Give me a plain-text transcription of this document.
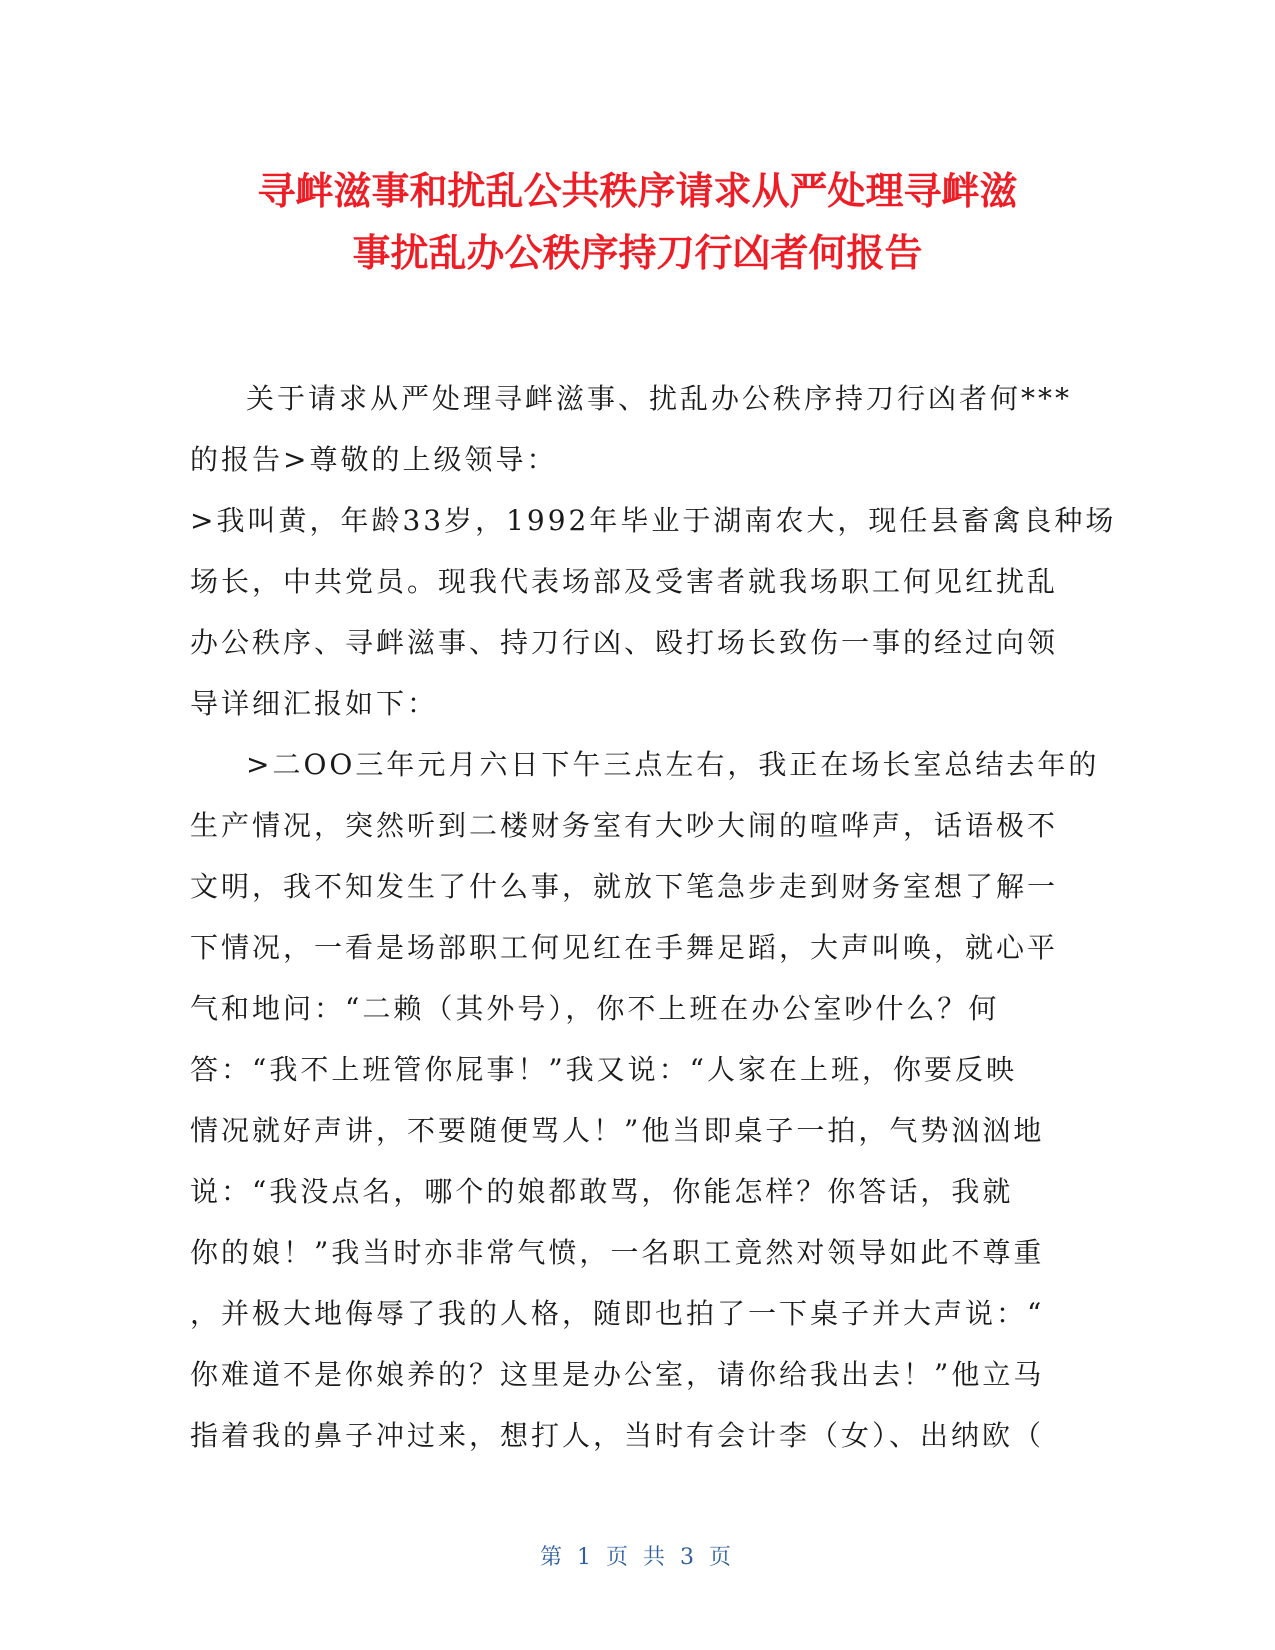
寻衅滋事和扰乱公共秩序请求从严处理寻衅滋
事扰乱办公秩序持刀行凶者何报告
关于请求从严处理寻衅滋事、扰乱办公秩序持刀行凶者何***
的报告>尊敬的上级领导：
>我叫黄，年龄33岁，1992年毕业于湖南农大，现任县畜禽良种场
场长，中共党员。现我代表场部及受害者就我场职工何见红扰乱
办公秩序、寻衅滋事、持刀行凶、殴打场长致伤一事的经过向领
导详细汇报如下：
>二OO三年元月六日下午三点左右，我正在场长室总结去年的
生产情况，突然听到二楼财务室有大吵大闹的喧哗声，话语极不
文明，我不知发生了什么事，就放下笔急步走到财务室想了解一
下情况，一看是场部职工何见红在手舞足蹈，大声叫唤，就心平
气和地问：“二赖（其外号），你不上班在办公室吵什么？何
答：“我不上班管你屁事！”我又说：“人家在上班，你要反映
情况就好声讲，不要随便骂人！”他当即桌子一拍，气势汹汹地
说：“我没点名，哪个的娘都敢骂，你能怎样？你答话，我就
你的娘！”我当时亦非常气愤，一名职工竟然对领导如此不尊重
，并极大地侮辱了我的人格，随即也拍了一下桌子并大声说：“
你难道不是你娘养的？这里是办公室，请你给我出去！”他立马
指着我的鼻子冲过来，想打人，当时有会计李（女）、出纳欧（
第 1 页 共 3 页
